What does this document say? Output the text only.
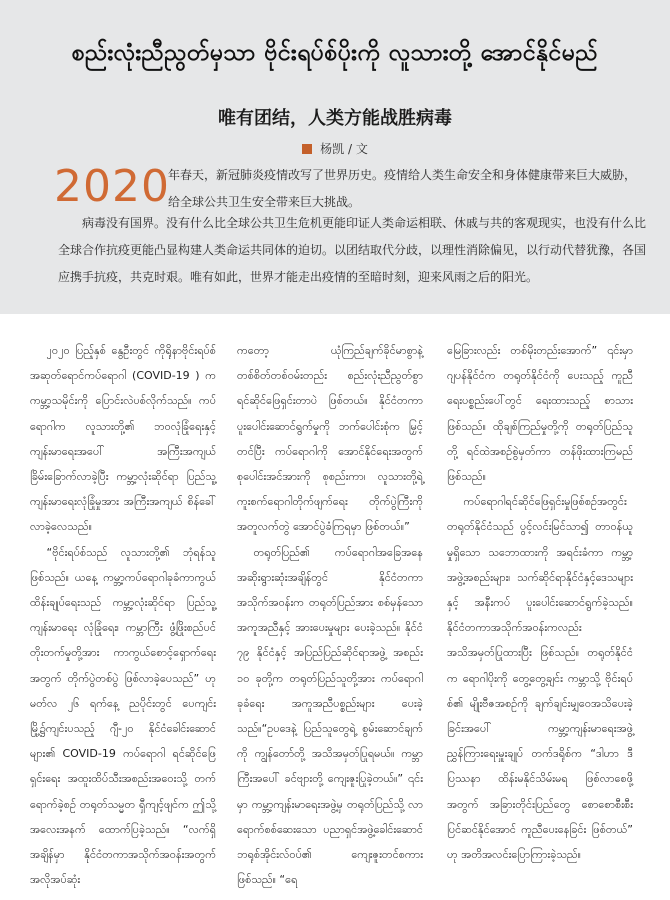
စည်းလုံးညီညွတ်မှသာ ဗိုင်းရပ်စ်ပိုးကို လူသားတို့ အောင်နိုင်မည်
唯有团结，人类方能战胜病毒
杨凯 / 文
2020
年春天，新冠肺炎疫情改写了世界历史。疫情给人类生命安全和身体健康带来巨大威胁，给全球公共卫生安全带来巨大挑战。
病毒没有国界。没有什么比全球公共卫生危机更能印证人类命运相联、休戚与共的客观现实，也没有什么比全球合作抗疫更能凸显构建人类命运共同体的迫切。以团结取代分歧，以理性消除偏见，以行动代替犹豫，各国应携手抗疫，共克时艰。唯有如此，世界才能走出疫情的至暗时刻，迎来风雨之后的阳光。

၂၀၂၀ ပြည့်နှစ် နွေဦးတွင် ကိုရိုနာဗိုင်းရပ်စ် အဆုတ်ရောင်ကပ်ရောဂါ (COVID-19 ) က ကမ္ဘာ့သမိုင်းကို ပြောင်းလဲပစ်လိုက်သည်။ ကပ်ရောဂါက လူသားတို့၏ ဘဝလုံခြုံရေးနှင့်ကျန်းမာရေးအပေါ် အကြီးအကျယ် ခြိမ်းခြောက်လာခဲ့ပြီး ကမ္ဘာ့လုံးဆိုင်ရာ ပြည်သူ့ကျန်းမာရေးလုံခြုံမှုအား အကြီးအကျယ် စိန်ခေါ်လာခဲ့လေသည်။

“ဗိုင်းရပ်စ်သည် လူသားတို့၏ ဘုံရန်သူဖြစ်သည်။ ယနေ့ ကမ္ဘာ့ကပ်ရောဂါခုခံကာကွယ် ထိန်းချုပ်ရေးသည် ကမ္ဘာ့လုံးဆိုင်ရာ ပြည်သူ့ကျန်းမာရေး လုံခြုံရေး၊ ကမ္ဘာကြီး ဖွံ့ဖြိုးစည်ပင်တိုးတက်မှုတို့အား ကာကွယ်စောင့်ရှောက်ရေးအတွက် တိုက်ပွဲတစ်ပွဲ ဖြစ်လာခဲ့ပေသည်” ဟု မတ်လ ၂၆ ရက်နေ့ ညပိုင်းတွင် ပေကျင်းမြို့၌ကျင်းပသည့် ဂျီ-၂၀ နိုင်ငံခေါင်းဆောင်များ၏ COVID-19 ကပ်ရောဂါ ရင်ဆိုင်ဖြေရှင်းရေး အထူးထိပ်သီးအစည်းအဝေးသို့ တက်ရောက်ခဲ့စဉ် တရုတ်သမ္မတ ရှီကျင့်ဖျင်က ဤသို့ အလေးအနက် ထောက်ပြခဲ့သည်။ “လက်ရှိအချိန်မှာ နိုင်ငံတကာအသိုက်အဝန်းအတွက် အလိုအပ်ဆုံး

ကတော့ ယုံကြည်ချက်ခိုင်မာစွာနဲ့ တစ်စိတ်တစ်ဝမ်းတည်း စည်းလုံးညီညွတ်စွာ ရင်ဆိုင်ဖြေရှင်းတာပဲ ဖြစ်တယ်။ နိုင်ငံတကာပူးပေါင်းဆောင်ရွက်မှုကို ဘက်ပေါင်းစုံက မြှင့်တင်ပြီး ကပ်ရောဂါကို အောင်နိုင်ရေးအတွက် စုပေါင်းအင်အားကို စုစည်းကာ၊ လူသားတို့ရဲ့ ကူးစက်ရောဂါတိုက်ဖျက်ရေး တိုက်ပွဲကြီးကို အတူလက်တွဲ အောင်ပွဲခံကြရမှာ ဖြစ်တယ်။”

တရုတ်ပြည်၏ ကပ်ရောဂါအခြေအနေ အဆိုးရွားဆုံးအချိန်တွင် နိုင်ငံတကာအသိုက်အဝန်းက တရုတ်ပြည်အား စစ်မှန်သော အကူအညီနှင့် အားပေးမှုများ ပေးခဲ့သည်။ နိုင်ငံ ၇၉ နိုင်ငံနှင့် အပြည်ပြည်ဆိုင်ရာအဖွဲ့ အစည်း ၁၀ ခုတို့က တရုတ်ပြည်သူတို့အား ကပ်ရောဂါခုခံရေး အကူအညီပစ္စည်းများ ပေးခဲ့သည်။“ဥပဒေနဲ့ ပြည်သူတွေရဲ့ စွမ်းဆောင်ချက်ကို ကျွန်တော်တို့ အသိအမှတ်ပြုရမယ်။ ကမ္ဘာကြီးအပေါ် ခင်ဗျားတို့ ကျေးဇူးပြုခဲ့တယ်။” ၎င်းမှာ ကမ္ဘာ့ကျန်းမာရေးအဖွဲ့မှ တရုတ်ပြည်သို့ လာရောက်စစ်ဆေးသော ပညာရှင်အဖွဲ့ခေါင်းဆောင် ဘရုစ်အိုင်းလ်ဝပ်၏ ကျေးဇူးတင်စကား ဖြစ်သည်။ “ရေ

မြေခြားလည်း တစ်မိုးတည်းအောက်” ၎င်းမှာ ဂျပန်နိုင်ငံက တရုတ်နိုင်ငံကို ပေးသည့် ကူညီရေးပစ္စည်းပေါ်တွင် ရေးထားသည့် စာသားဖြစ်သည်။ ထိုချစ်ကြည်မှုတို့ကို တရုတ်ပြည်သူတို့ ရင်ထဲအစဉ်စွဲမှတ်ကာ တန်ဖိုးထားကြမည် ဖြစ်သည်။

ကပ်ရောဂါရင်ဆိုင်ဖြေရှင်းမှုဖြစ်စဉ်အတွင်း တရုတ်နိုင်ငံသည် ပွင့်လင်းမြင်သာ၍ တာဝန်ယူမှုရှိသော သဘောထားကို အရင်းခံကာ ကမ္ဘာ့အဖွဲ့အစည်းများ၊ သက်ဆိုင်ရာနိုင်ငံနှင့်ဒေသများနှင့် အနီးကပ် ပူးပေါင်းဆောင်ရွက်ခဲ့သည်။ နိုင်ငံတကာအသိုက်အဝန်းကလည်း အသိအမှတ်ပြုထားပြီး ဖြစ်သည်။ တရုတ်နိုင်ငံက ရောဂါပိုးကို တွေ့တွေ့ချင်း ကမ္ဘာသို့ ဗိုင်းရပ်စ်၏ မျိုးဗီဇအစဉ်ကို ချက်ချင်းမျှဝေအသိပေးခဲ့ခြင်းအပေါ် ကမ္ဘာ့ကျန်းမာရေးအဖွဲ့ ညွှန်ကြားရေးမှူးချုပ် တက်ဒရိုစ်က “ဒါဟာ ဒီပြဿနာ ထိန်းမနိုင်သိမ်းမရ ဖြစ်လာစေဖို့အတွက် အခြားတိုင်းပြည်တွေ စောစောစီးစီး ပြင်ဆင်နိုင်အောင် ကူညီပေးနေခြင်း ဖြစ်တယ်” ဟု အတိအလင်းပြောကြားခဲ့သည်။
